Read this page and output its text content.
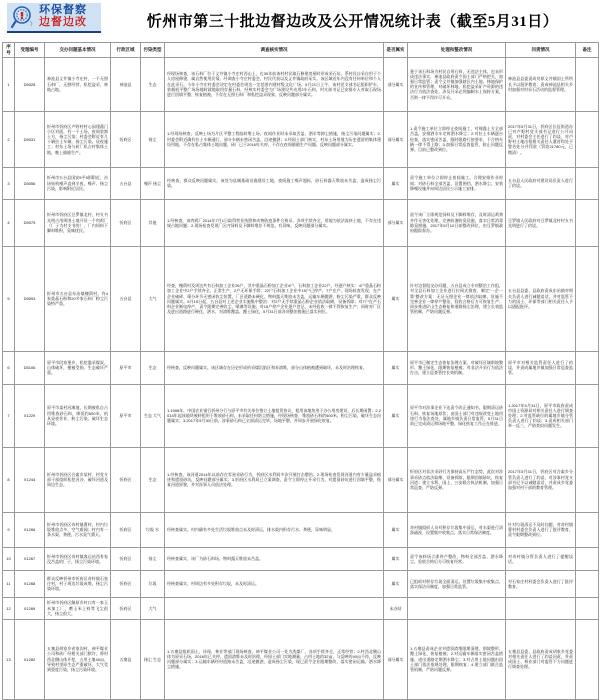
环保督察
边督边改	忻州市第三十批边督边改及公开情况统计表（截至5月31日）
序号	受理编号	交办问题基本情况	行政区域	污染类型	调查核实情况	是否属实	处理和整改情况	问责情况	备注
1	D5028	神池县义井镇小寺庄村，一个无照石料厂，无照经营，私挖盗采，林地占地。	神池县	生态	经现场核查，该石料厂位于义井镇小寺庄村西山上，在30年前该村村民取石修建房屋时形成采石坑，系村民自采自用于个人房屋修建，属自然使用民情。经调查小寺庄村委会、村民代表以及义井镇政府证实，该区域近年内没有任何单位和个人在此采石。今年小寺庄村委会决定在村委会周边一定范围内建村级文化广场，5月21日上午，该村党支部书记组织铲车、装载机平整广场场地时就地取用存量石料，经核实村委会为广场建设共动用2车石料，村支部书记已安排专人对取石现场进行回填平整、恢复植被，不存在无照石料厂和私挖盗采现象，反映问题部分属实。	部分属实	鉴于该石料场为村民自用石料，无违法主体，也未形成违法事实，神池县政府责令国土部门严格把关，加强日常监管；责令义井镇加强辖区内土地、林地保护的宣传和管理，对破坏林地、私挖盗采矿产资源的违法行为依法查处，涉及开采必须编制水土保持方案，否则一律不得许可开采。	神池县县委责成对原义井镇国土所所长予以批评教育；责成神池县相关乡村加强对村采石活动的监督管理。	
2	D5031	忻州市忻府区卢野村村心园建蔬门小区对面，有一个土场，夜间装卸土方，扬尘污染；村委会附近有几十辆拉土车辆，扬尘污染，昼夜施工；村东土场与砖厂私占村集体土地，晚上偷偷生产。	忻府区	扬尘	1.经现场核查，反映土场为片区平整工程临时堆土场，夜间作业时未采取苫盖、洒水等抑尘措施，扬尘污染问题属实；2.村委会附近确有拉土车辆通行，部分车辆未密闭苫盖，沿途抛洒；3.经国土部门核实，村东土场用地为历史遗留的集体建设用地，不存在私占集体土地问题，砖厂已于2016年关停，不存在夜间偷偷生产问题。反映问题部分属实。	部分属实	1.责令施工单位立即停止夜间施工，对裸露土方全部苫盖，安排洒水车定时洒水降尘；2.对拉土车辆逐台检查，落实密闭苫盖、限时限路行驶要求，不合格车辆一律不得上路；3.加强日常巡查监管，防止问题反弹。目前已整改到位。	2017年5月31日，忻府区长征街道办已对卢野村党支部书记进行公开问责，对村委会主任进行了约谈，对卢野村土地出租相关责任人董晋科处予警告处分并罚款（罚款21780元，已缴清）。	
3	D5056	忻州市五台县国安5平5街附近，沙场钻机噪声直到半夜，噪声、扬尘污染，影响附近居民。	五台县	噪声 扬尘	经核查，群众反映问题属实。该处为县城基础设施建设工地，夜间施工噪声超标，砂石料露天堆放未苫盖，造成扬尘污染。	属实	责令施工单位立即停止夜间施工，合理安排作业时间；对砂石料全部苫盖，设置围挡，洒水降尘；安装降噪设施并向周边居民公示施工安排。	五台县人民政府对建设局负责人进行了约谈。	
4	D5075	忻州市忻府区豆罗镇北村，村支书光明占用周围土地开设一个肉鸡厂（厂子为村支书的），厂内饲料下脚料堆积，臭味扰民。	忻府区	其他	1.经核查，该肉鸡厂2014年7月1日取得营业执照和动物防疫条件合格证，各项手续齐全，用地为依法流转土地，不存在违规占地问题；2.现场检查发现厂区内饲料及下脚料堆存不规范、有异味，反映问题部分属实。	部分属实	责令该厂立即规范饲料及下脚料堆存，及时清运鸡粪并作无害化处理，完善防渗防臭设施，落实日常消毒除臭措施，2017年6月10日前整改到位，由豆罗镇政府跟踪督办。	豆罗镇人民政府对豆罗镇北村村支书光明进行了约谈。	
5	D5093	忻州市五台县东冶镇槐荫村，有4家重晶石粉和20多家石料厂粉尘污染特严重。	五台县	大气	经查，槐荫村及周边共有石料加工企业26户，其中重晶石粉加工企业4户、石料加工企业22户。经逐户核实：4户重晶石粉加工企业中2户手续齐全、正常生产，2户无环保手续；22户石料加工企业中15户已停产，7户在产。现场检查发现，在产企业破碎、筛分环节无密闭收尘装置，厂区道路未硬化，物料露天堆放未苫盖，运输车辆抛洒，粉尘污染严重，群众反映问题属实。5月15日起，五台县对上述企业实施集中整治：对2户无手续重晶石粉企业依法取缔，设备拆除；对7户在产石料企业断电停产，责令限期完善收尘、喷淋等设施；对15户停产企业逐户登记，未经验收一律不得恢复生产；同时对厂区及进出道路进行硬化、洒水，对渣堆覆盖、覆土绿化，5月31日前各项整治措施已落实到位。	属实	针对边督组交办问题，五台县成立专项整治工作组，对全县石料加工企业进行拉网式排查，制定“一企一策”整改方案：无证无照企业一律依法取缔，设施不完善企业一律停产整治，验收合格后方可恢复生产；同步推进矿山生态修复和道路扬尘治理，建立长效监管机制，严防问题反弹。	五台县县委、县政府责成东冶镇对相关负责人进行诫勉谈话，并对监管不力的国土、环保等部门相关责任人予以通报批评。	
6	D5106	原平市段家堡乡，私挖滥采煤炭，山体破坏，植被受损，生态破坏严重。	原平市	生态	经核查，反映问题属实。该区域存在历史形成的采煤沉陷区和弃渣堆，部分山体植被遭到破坏，未及时治理恢复。	属实	原平市已制定生态恢复治理方案，对破坏区域削坡整形、覆土绿化，限期恢复植被；对非法开采行为依法打击，建立巡查管控长效机制。	原平市对相关监管责任人进行了约谈，并责成属地乡镇加强日常巡查监管。	
7	X1229	原平市某村河滩地，长期被私自占用堆放砂石料，绵延约500米，机具昼夜作业，粉尘污染，破坏生态环境。	原平市	生态 大气	1.1998年，中国农业银行忻州分行与原平市有关单位签订土地租赁协议，租用该地块用于办公用房建设，后长期闲置；2.2014年起该地块被转租用于堆放砂石料，未采取任何防尘措施，经现场核查，堆放砂石料约500米，粉尘污染、破坏生态问题属实；3.2017年5月30日前，涉事砂石料已全部清运完毕，场地平整，并同步开展绿化恢复。	属实	原平市对涉事企业下达责令改正通知书，限期清运砂石料、恢复场地原状；由国土部门对违规改变土地用途行为依法查处，属地乡镇负责日常监管，5月31日前已完成清运和场地平整，绿化恢复工作正在推进。	1.2017年5月31日，原平市政府责成市国土资源局对相关责任人进行调查处理；2.对监管缺位的属地乡镇分管负责人进行了约谈；3.责成相关部门举一反三，严防类似问题发生。	
8	X1244	忻州市忻府区合索乡某村，村党支部干部组织私挖河沙，破坏河道及周边生态。	忻府区	生态	1.经核查，该河道2014年以前存在零星采砂行为，忻府区水利局多次开展打击整治；2.现场检查发现河道内有少量盗采痕迹和遗留砂坑，反映问题部分属实；3.忻府区水利局已立案调查，责令立即停止开采行为，对遗留砂坑进行回填平整，恢复河道原貌，并对涉事人员依法处理。	部分属实	忻府区对非法采砂行为保持高压严打态势，此次对涉事采砂点依法取缔、设备拆除，限期回填砂坑、恢复河道；建立水利、国土、公安联合执法机制，加强日常巡查，严防反弹。	2017年5月31日，忻府区对合索乡分管负责人进行了约谈，对涉事村党支部书记予以诫勉谈话，并责成乡党委加强对村干部的教育管理。	
9	X1266	忻州市忻府区奇村镇曹村，村内垃圾堆放点多，空气难闻；村内有一条水渠，粪便、污水臭气熏天。	忻府区	垃圾 水	经核查属实。村内确有多处生活垃圾堆放点未及时清运，排水渠内积存污水、粪便，异味明显。	属实	奇村镇组织人员对积存垃圾集中清运，对水渠进行清淤疏浚，设置集中收集点，落实日常保洁制度。	针对垃圾清运不及时问题，对奇村镇曹村村委会负责人进行了批评教育，责令限期整改到位。	
10	X1267	忻州市忻府区奇村镇客运站西有家没苫盖的厂子，扬尘污染环境。	忻府区	扬尘	经核查属实，该厂为砂石料场，物料露天堆放未苫盖。	属实	责令该料场立即停产整改，物料全部苫盖、洒水降尘，验收合格后方可恢复经营。	对奇村镇分管负责人进行了提醒谈话。	
11	X1268	群众反映忻州市忻府区奇村镇石家庄村，村子周边垃圾成堆，扬尘污染环境。	忻府区	垃圾	经核查属实，村周边有多处积存垃圾，未及时清运。	属实	已组织对积存垃圾全面清运，设置垃圾集中收集点，落实保洁员制度，加强日常监管。	对石家庄村村委会负责人进行了批评教育。	
12	X1269	忻州市忻府区解原乡村口有一家玉米加工厂，磨玉米上料等飞尘很大，扬尘很大。	忻府区	大气		未办结			
13	X1282	五寨县胡家乡省家沟村，神平煤业公司和砖厂经相关部门默许，将村西北侧山体开挖，占用土地40亩，导致村里原生态严重破坏，大气受到重度污染，扬尘污染环境。	五寨县	扬尘 生态	1.五寨县组织国土、环保、林业等部门现场核查，神平煤业公司一处为洗煤厂，各项手续齐全，正常经营；2.村西北侧山体为原采石场，2016年已关停，遗留渣堆未及时治理，经国土部门实地测量，占用土地约32亩，与反映的40亩不符，反映问题部分属实；3.运输车辆经村道路未苫盖，沿途抛洒，造成扬尘污染，现已责令企业限期整改，落实密闭运输、洒水降尘措施。	部分属实	1.五寨县责成企业对遗留渣堆限期清理，削坡整形、覆土绿化，恢复植被；2.对运输车辆落实密闭苫盖措施，进出道路定期洒水降尘；3.对占用土地问题由国土部门依法依规处理，限期恢复；4.建立部门联合监管机制，严防问题反弹。	五寨县县委、县政府责成胡家乡党委对相关责任人进行了约谈问责，并责成国土、林业部门对监管不力问题进行调查处理。	
